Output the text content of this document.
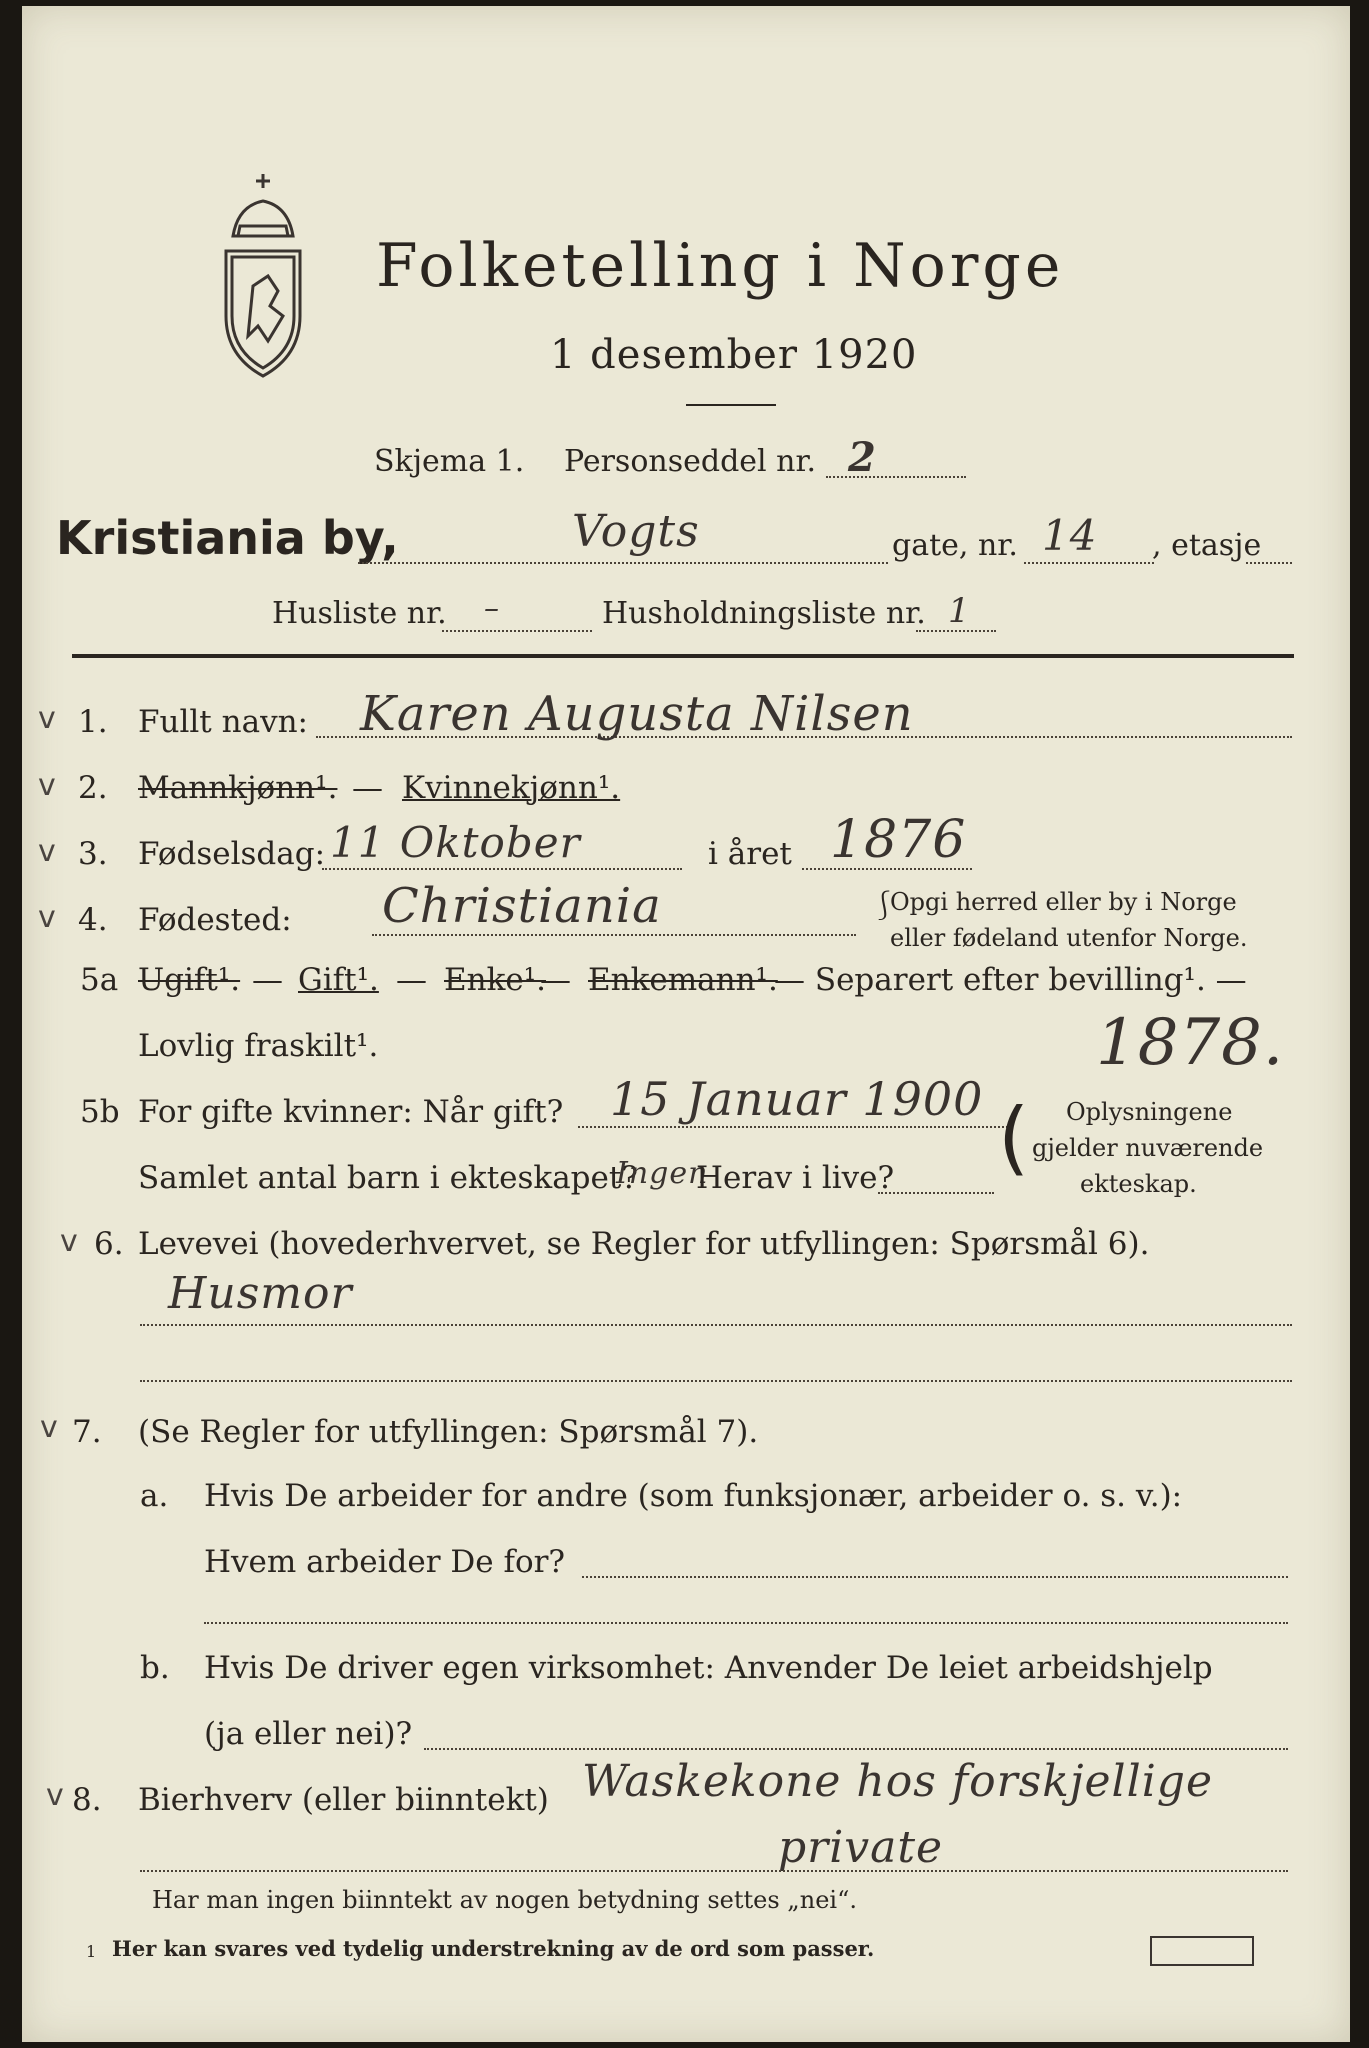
Folketelling i Norge
1 desember 1920
Skjema 1. Personseddel nr. 2
Kristiania by,	Vogts	gate, nr. 14 , etasje
Husliste nr. –	Husholdningsliste nr. 1
v 1. Fullt navn: Karen Augusta Nilsen
v 2. Mannkjønn¹. — Kvinnekjønn¹.
v 3. Fødselsdag: 11 Oktober	i året 1876
v 4. Fødested: Christiania	⎰
Opgi herred eller by i Norge
eller fødeland utenfor Norge.
5a Ugift¹. — Gift¹. — Enke¹.
— Enkemann¹.
— Separert efter bevilling¹. —
Lovlig fraskilt¹.	1878.
5b For gifte kvinner: Når gift? 15 Januar 1900
Samlet antal barn i ekteskapet?
Ingen
Herav i live? ( Oplysningene
gjelder nuværende
ekteskap.
v 6. Levevei (hovederhvervet, se Regler for utfyllingen: Spørsmål 6).
Husmor
v 7. (Se Regler for utfyllingen: Spørsmål 7).
a. Hvis De arbeider for andre (som funksjonær, arbeider o. s. v.):
Hvem arbeider De for?
b. Hvis De driver egen virksomhet: Anvender De leiet arbeidshjelp
(ja eller nei)?
v 8. Bierhverv (eller biinntekt) Waskekone hos forskjellige
private
Har man ingen biinntekt av nogen betydning settes „nei“.
1 Her kan svares ved tydelig understrekning av de ord som passer.
